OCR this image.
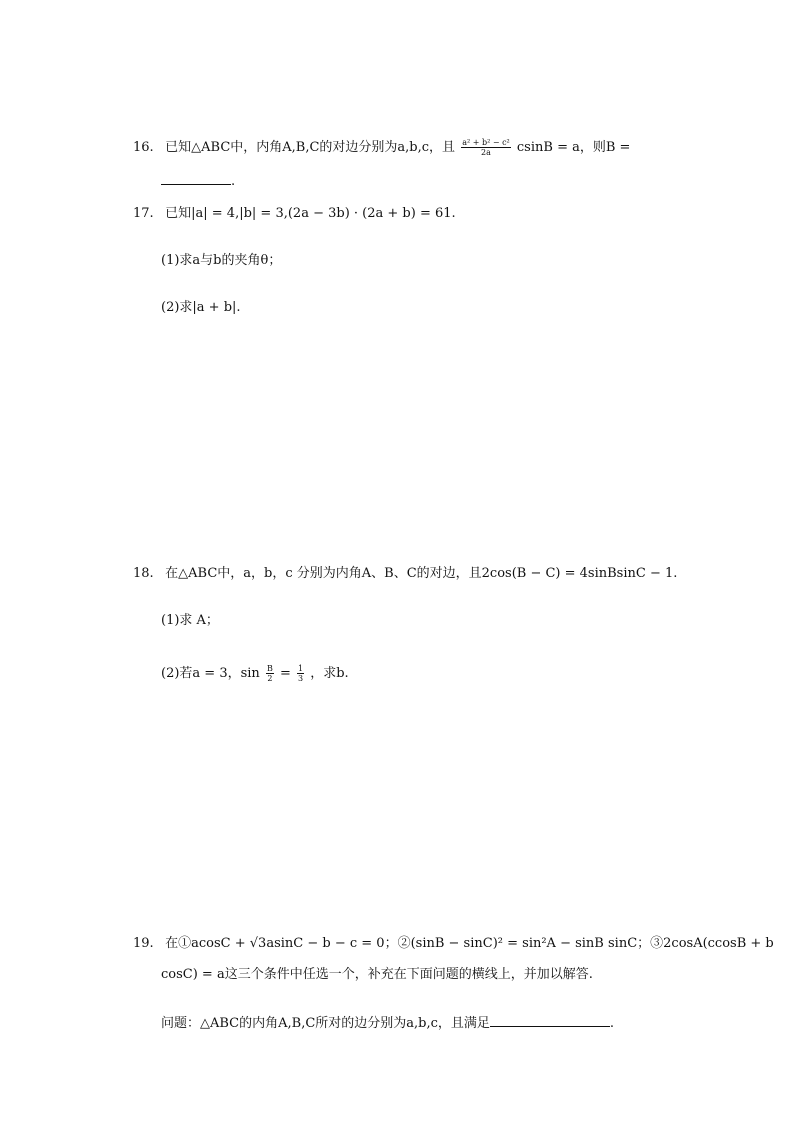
16. 已知△ABC中，内角A,B,C的对边分别为a,b,c，且 $\frac{\text{a² + b² − c²}}{2a}$ csinB = a，则B =
.
17. 已知|a| = 4,|b| = 3,(2a − 3b) · (2a + b) = 61.
(1)求a与b的夹角θ；
(2)求|a + b|.
18. 在△ABC中，a，b，c 分别为内角A、B、C的对边，且2cos(B − C) = 4sinBsinC − 1.
(1)求 A；
(2)若a = 3，$\sin \frac{B}{2} = \frac{1}{3}$ ，求b.
19. 在①acosC + √3asinC − b − c = 0；②(sinB − sinC)² = sin²A − sinB sinC；③2cosA(ccosB + b
cosC) = a这三个条件中任选一个，补充在下面问题的横线上，并加以解答.
问题：△ABC的内角A,B,C所对的边分别为a,b,c，且满足	.
